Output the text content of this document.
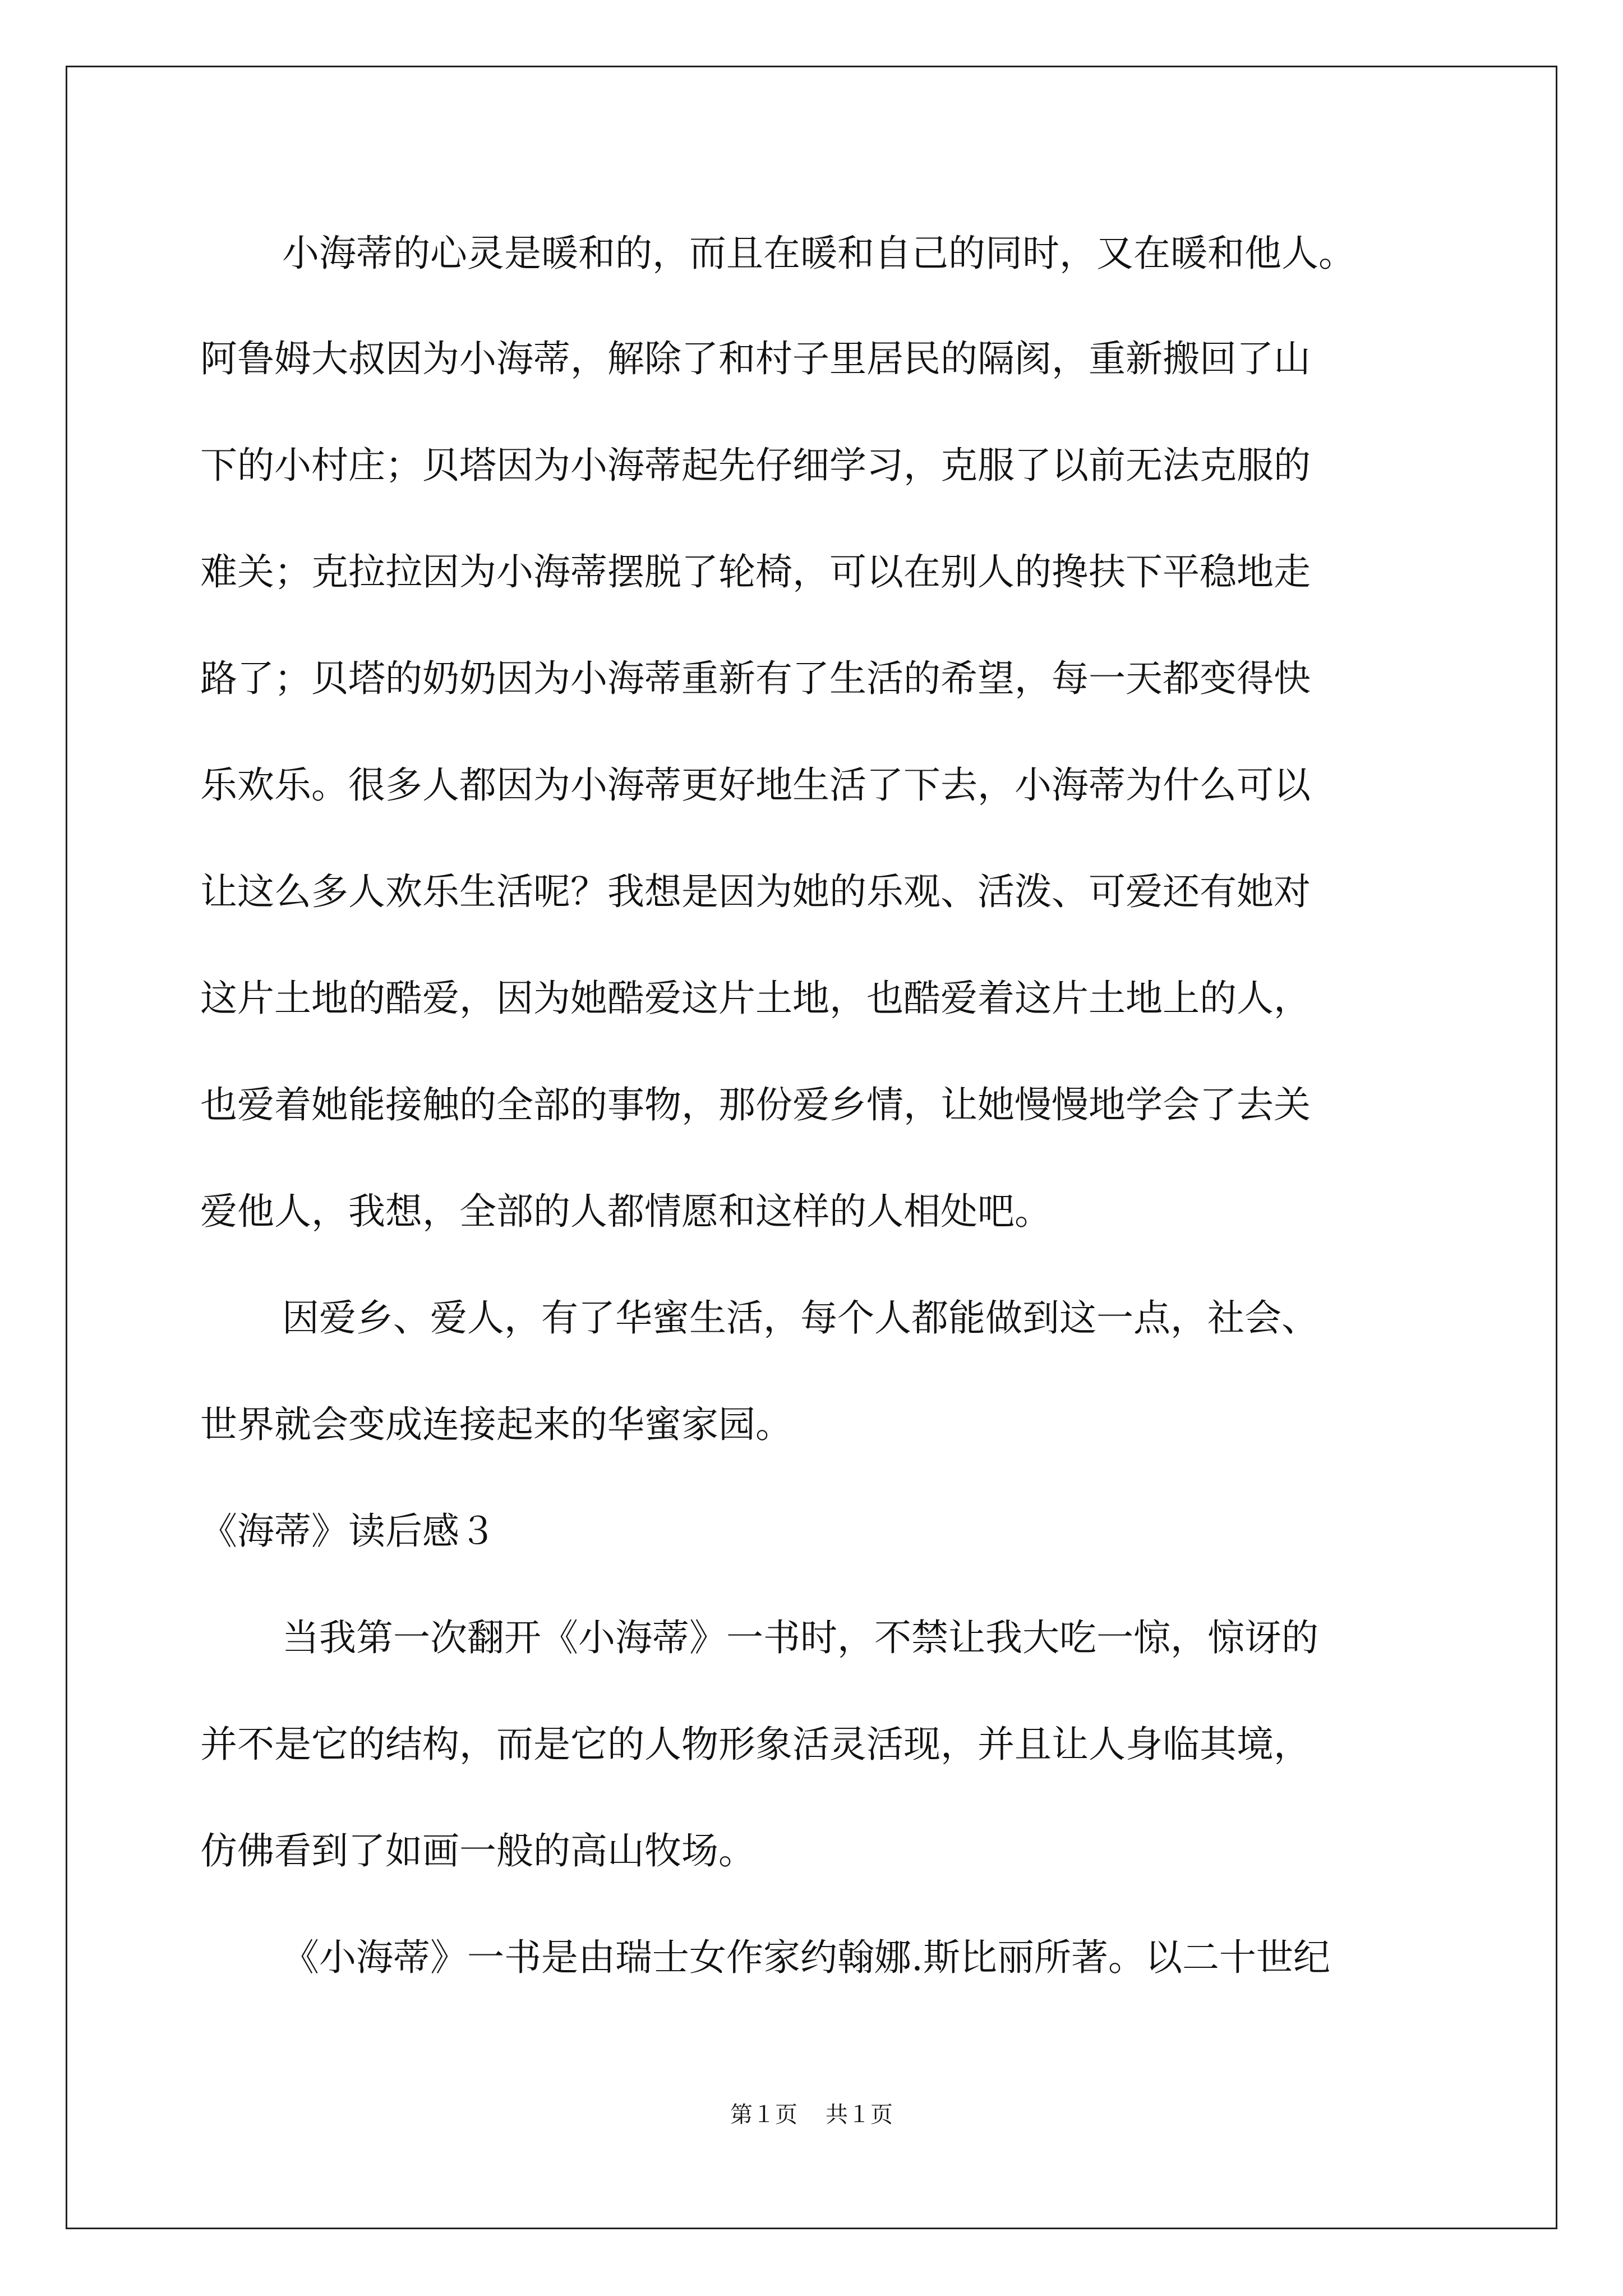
小海蒂的心灵是暖和的，而且在暖和自己的同时，又在暖和他人。
阿鲁姆大叔因为小海蒂，解除了和村子里居民的隔阂，重新搬回了山
下的小村庄；贝塔因为小海蒂起先仔细学习，克服了以前无法克服的
难关；克拉拉因为小海蒂摆脱了轮椅，可以在别人的搀扶下平稳地走
路了；贝塔的奶奶因为小海蒂重新有了生活的希望，每一天都变得快
乐欢乐。很多人都因为小海蒂更好地生活了下去，小海蒂为什么可以
让这么多人欢乐生活呢？我想是因为她的乐观、活泼、可爱还有她对
这片土地的酷爱，因为她酷爱这片土地，也酷爱着这片土地上的人，
也爱着她能接触的全部的事物，那份爱乡情，让她慢慢地学会了去关
爱他人，我想，全部的人都情愿和这样的人相处吧。
因爱乡、爱人，有了华蜜生活，每个人都能做到这一点，社会、
世界就会变成连接起来的华蜜家园。
《海蒂》读后感３
当我第一次翻开《小海蒂》一书时，不禁让我大吃一惊，惊讶的
并不是它的结构，而是它的人物形象活灵活现，并且让人身临其境，
仿佛看到了如画一般的高山牧场。
《小海蒂》一书是由瑞士女作家约翰娜.斯比丽所著。以二十世纪
第１页 共１页
